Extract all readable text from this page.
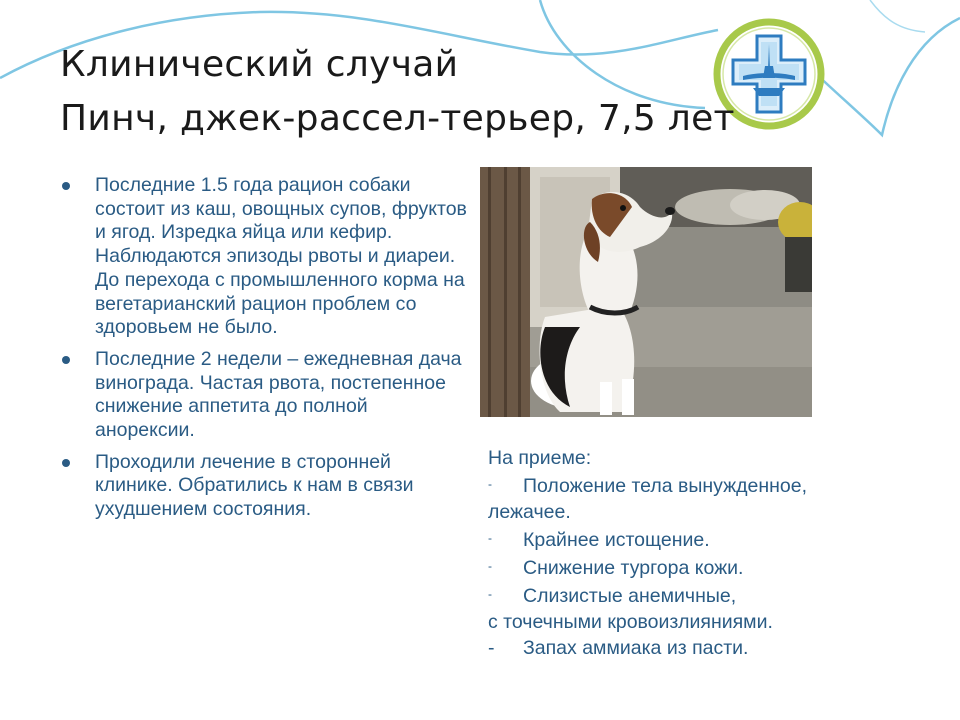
Клинический случай
Пинч, джек-рассел-терьер, 7,5 лет
Последние 1.5 года рацион собаки состоит из каш, овощных супов, фруктов и ягод. Изредка яйца или кефир. Наблюдаются эпизоды рвоты и диареи. До перехода с промышленного корма на вегетарианский рацион проблем со здоровьем не было.
Последние 2 недели – ежедневная дача винограда. Частая рвота, постепенное снижение аппетита до полной анорексии.
Проходили лечение в сторонней клинике. Обратились к нам в связи ухудшением состояния.
На приеме:
- Положение тела вынужденное,
лежачее.
- Крайнее истощение.
- Снижение тургора кожи.
- Слизистые анемичные,
с точечными кровоизлияниями.
- Запах аммиака из пасти.
